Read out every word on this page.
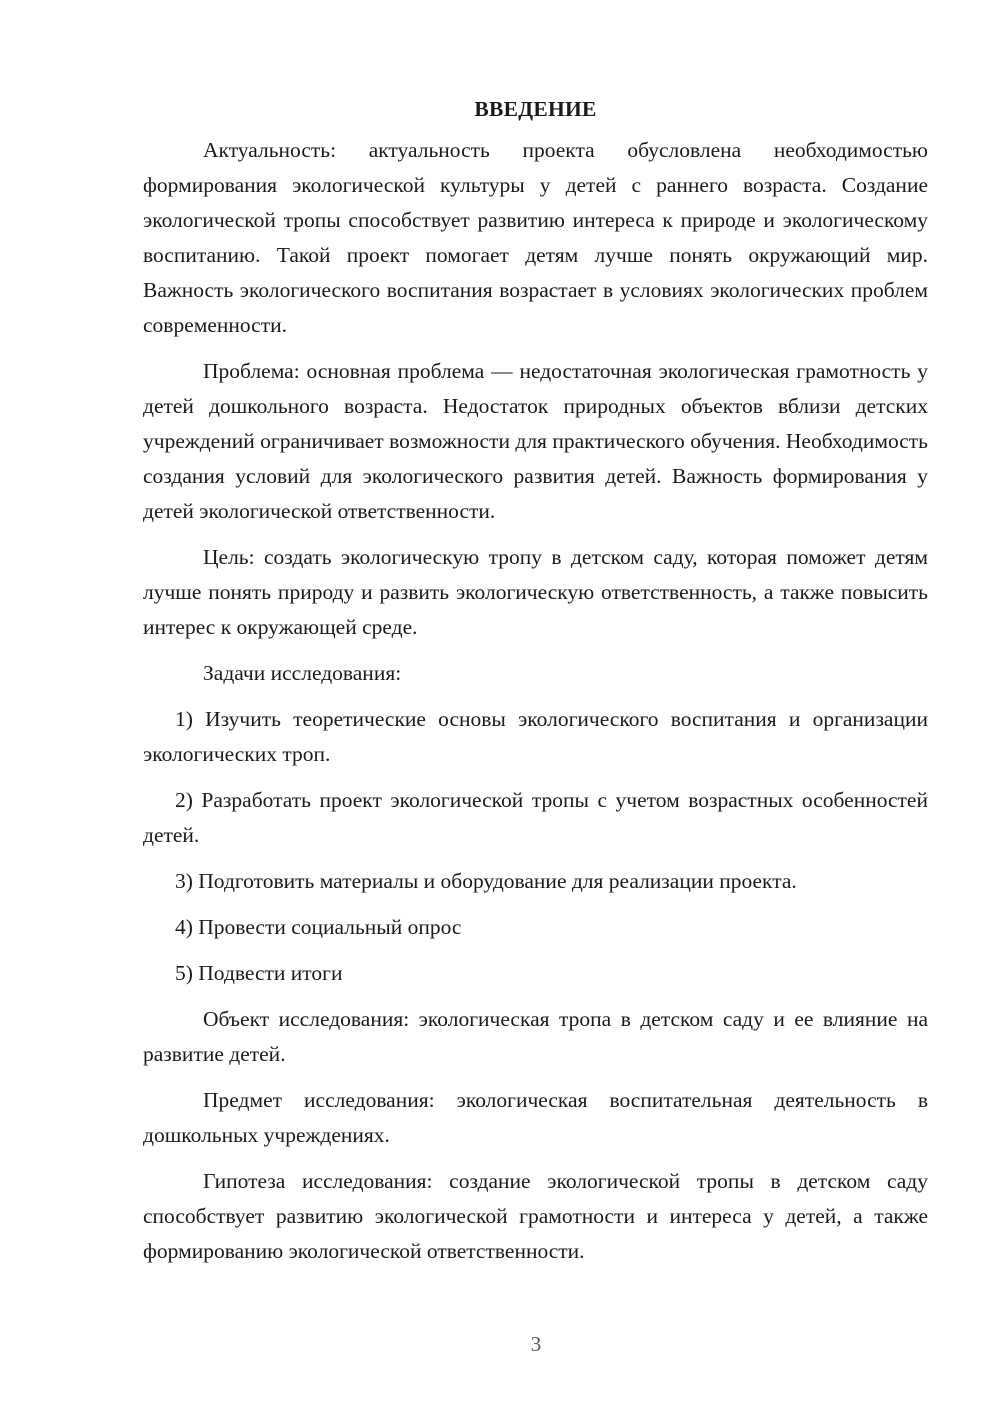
ВВЕДЕНИЕ

Актуальность: актуальность проекта обусловлена необходимостью формирования экологической культуры у детей с раннего возраста. Создание экологической тропы способствует развитию интереса к природе и экологическому воспитанию. Такой проект помогает детям лучше понять окружающий мир. Важность экологического воспитания возрастает в условиях экологических проблем современности.

Проблема: основная проблема — недостаточная экологическая грамотность у детей дошкольного возраста. Недостаток природных объектов вблизи детских учреждений ограничивает возможности для практического обучения. Необходимость создания условий для экологического развития детей. Важность формирования у детей экологической ответственности.

Цель: создать экологическую тропу в детском саду, которая поможет детям лучше понять природу и развить экологическую ответственность, а также повысить интерес к окружающей среде.

Задачи исследования:

1) Изучить теоретические основы экологического воспитания и организации экологических троп.

2) Разработать проект экологической тропы с учетом возрастных особенностей детей.

3) Подготовить материалы и оборудование для реализации проекта.

4) Провести социальный опрос

5) Подвести итоги

Объект исследования: экологическая тропа в детском саду и ее влияние на развитие детей.

Предмет исследования: экологическая воспитательная деятельность в дошкольных учреждениях.

Гипотеза исследования: создание экологической тропы в детском саду способствует развитию экологической грамотности и интереса у детей, а также формированию экологической ответственности.

3
